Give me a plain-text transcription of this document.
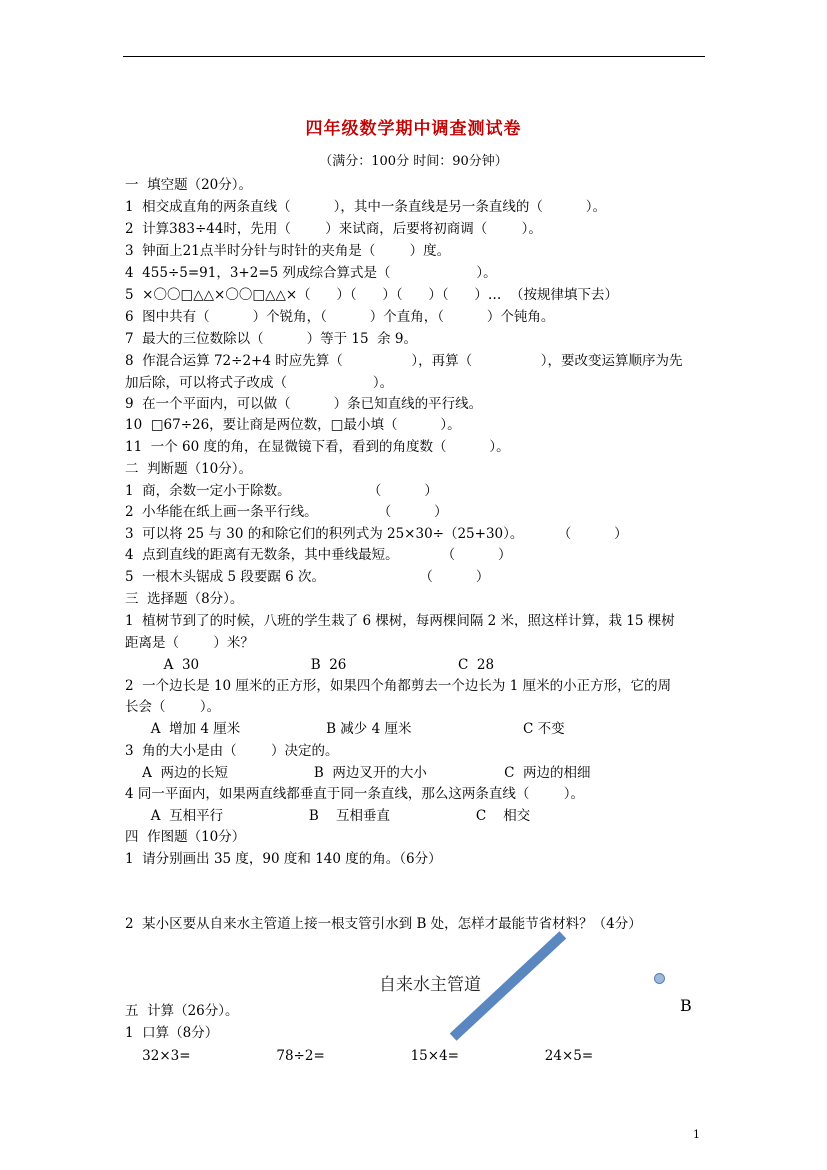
四年级数学期中调查测试卷
（满分：100分 时间：90分钟）
一  填空题（20分）。
1  相交成直角的两条直线（          ），其中一条直线是另一条直线的（          ）。
2  计算383÷44时，先用（        ）来试商，后要将初商调（        ）。
3  钟面上21点半时分针与时针的夹角是（        ）度。
4  455÷5=91，3+2=5 列成综合算式是（                    ）。
5  ×〇〇□△△×〇〇□△△×（      ）（      ）（      ）（      ）…  （按规律填下去）
6  图中共有（          ）个锐角，（          ）个直角，（          ）个钝角。
7  最大的三位数除以（          ）等于 15  余 9。
8  作混合运算 72÷2+4 时应先算（                ），再算（                ），要改变运算顺序为先
加后除，可以将式子改成（                    ）。
9  在一个平面内，可以做（          ）条已知直线的平行线。
10  □67÷26，要让商是两位数，□最小填（          ）。
11  一个 60 度的角，在显微镜下看，看到的角度数（          ）。
二  判断题（10分）。
1  商，余数一定小于除数。                  （          ）
2  小华能在纸上画一条平行线。              （          ）
3  可以将 25 与 30 的和除它们的积列式为 25×30÷（25+30）。        （          ）
4  点到直线的距离有无数条，其中垂线最短。          （          ）
5  一根木头锯成 5 段要踞 6 次。                      （          ）
三  选择题（8分）。
1  植树节到了的时候，八班的学生栽了 6 棵树，每两棵间隔 2 米，照这样计算，栽 15 棵树
距离是（        ）米？
A  30                          B  26                          C  28
2  一个边长是 10 厘米的正方形，如果四个角都剪去一个边长为 1 厘米的小正方形，它的周
长会（        ）。
A  增加 4 厘米                    B 减少 4 厘米                          C 不变
3  角的大小是由（        ）决定的。
A  两边的长短                    B  两边叉开的大小                  C  两边的相细
4 同一平面内，如果两直线都垂直于同一条直线，那么这两条直线（        ）。
A  互相平行                    B    互相垂直                    C    相交
四  作图题（10分）
1  请分别画出 35 度，90 度和 140 度的角。（6分）
2  某小区要从自来水主管道上接一根支管引水到 B 处，怎样才最能节省材料？（4分）
五  计算（26分）。
1  口算（8分）
32×3=                    78÷2=                    15×4=                    24×5=
自来水主管道
B
1
